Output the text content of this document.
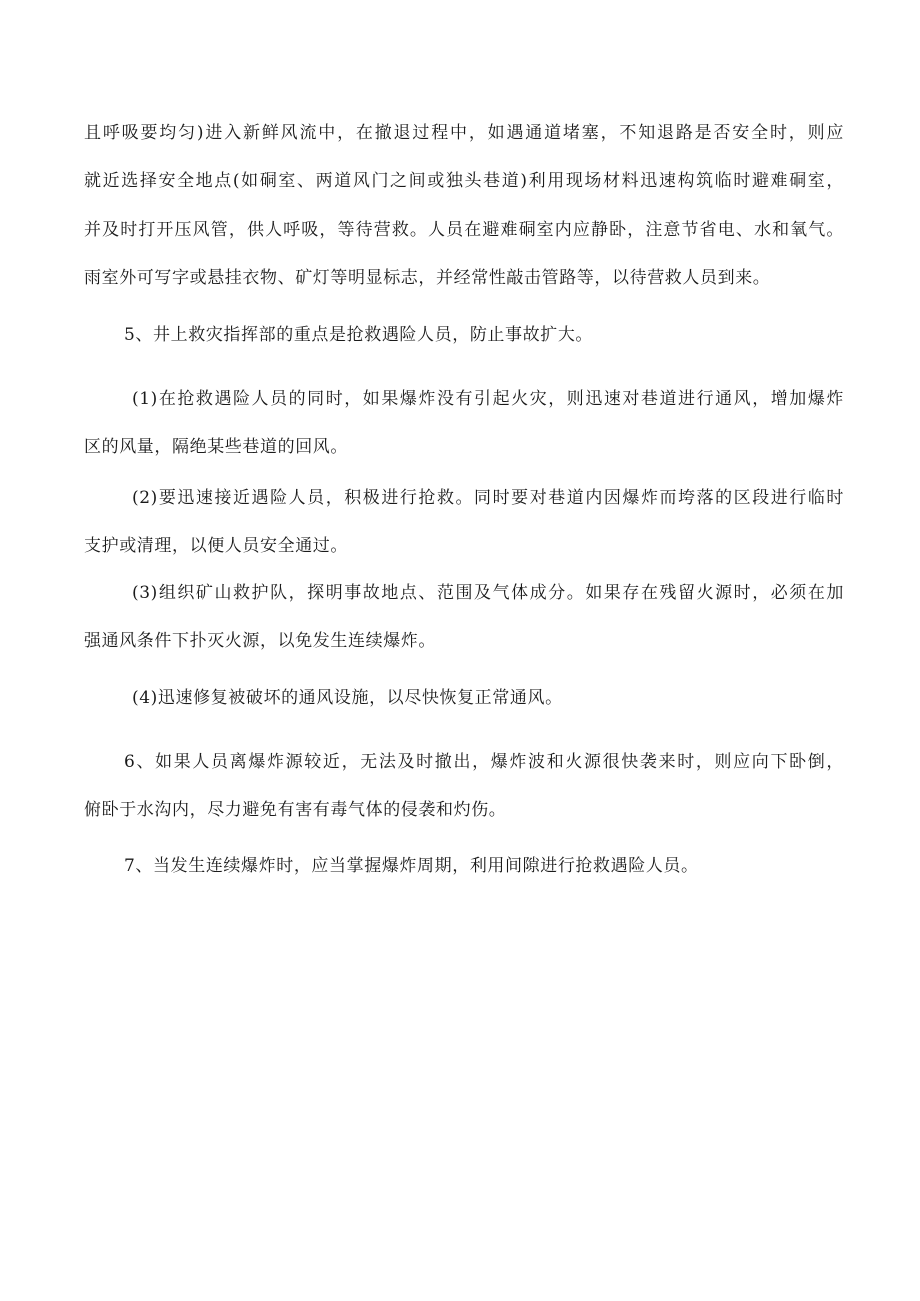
且呼吸要均匀)进入新鲜风流中，在撤退过程中，如遇通道堵塞，不知退路是否安全时，则应
就近选择安全地点(如硐室、两道风门之间或独头巷道)利用现场材料迅速构筑临时避难硐室，
并及时打开压风管，供人呼吸，等待营救。人员在避难硐室内应静卧，注意节省电、水和氧气。
雨室外可写字或悬挂衣物、矿灯等明显标志，并经常性敲击管路等，以待营救人员到来。
5、井上救灾指挥部的重点是抢救遇险人员，防止事故扩大。
(1)在抢救遇险人员的同时，如果爆炸没有引起火灾，则迅速对巷道进行通风，增加爆炸
区的风量，隔绝某些巷道的回风。
(2)要迅速接近遇险人员，积极进行抢救。同时要对巷道内因爆炸而垮落的区段进行临时
支护或清理，以便人员安全通过。
(3)组织矿山救护队，探明事故地点、范围及气体成分。如果存在残留火源时，必须在加
强通风条件下扑灭火源，以免发生连续爆炸。
(4)迅速修复被破坏的通风设施，以尽快恢复正常通风。
6、如果人员离爆炸源较近，无法及时撤出，爆炸波和火源很快袭来时，则应向下卧倒，
俯卧于水沟内，尽力避免有害有毒气体的侵袭和灼伤。
7、当发生连续爆炸时，应当掌握爆炸周期，利用间隙进行抢救遇险人员。
